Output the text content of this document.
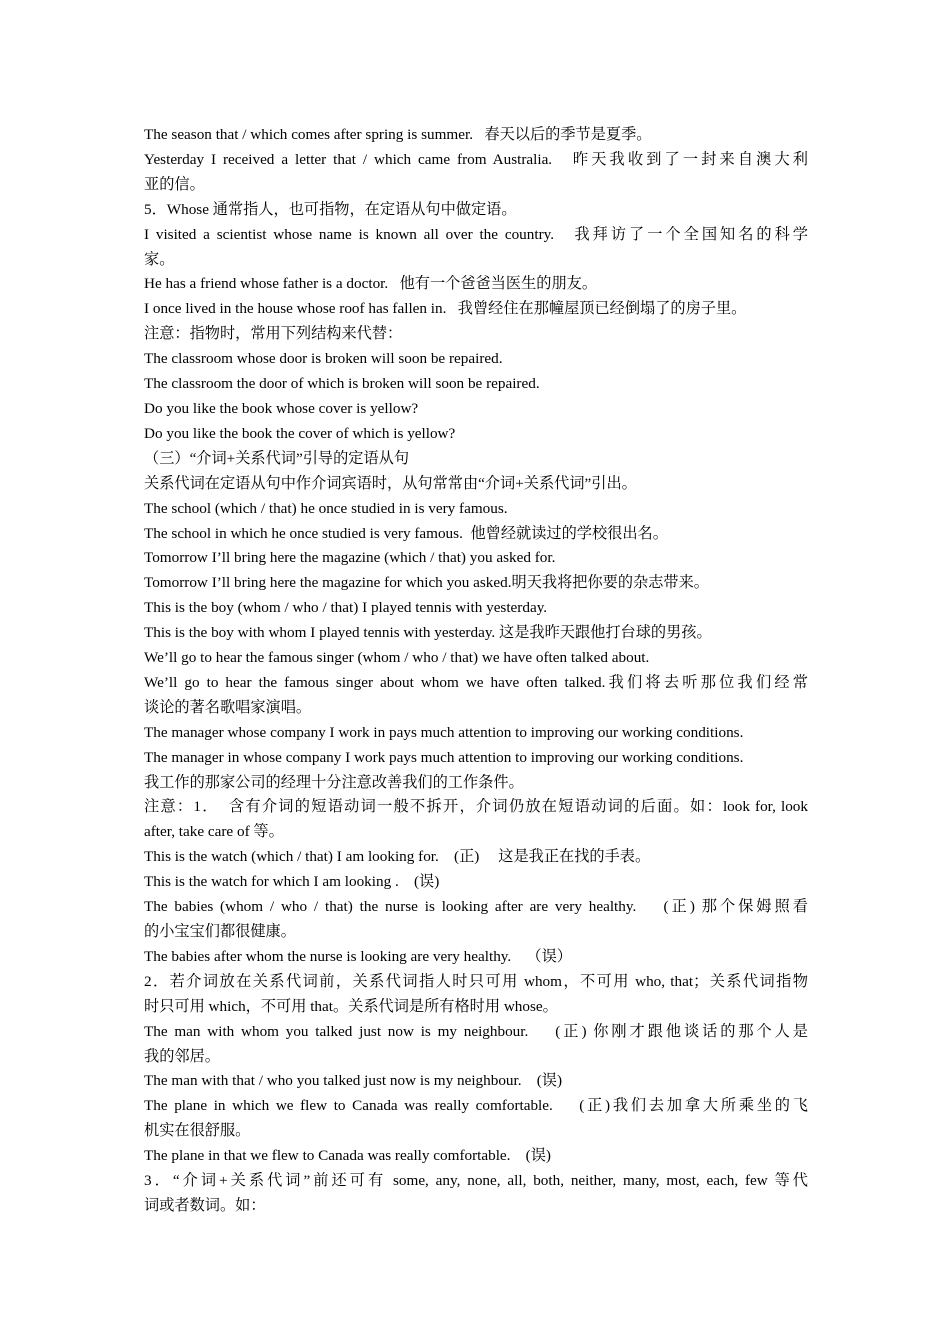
The season that / which comes after spring is summer.   春天以后的季节是夏季。

Yesterday I received a letter that / which came from Australia.   昨天我收到了一封来自澳大利

亚的信。

5．Whose 通常指人，也可指物，在定语从句中做定语。

I visited a scientist whose name is known all over the country.   我拜访了一个全国知名的科学

家。

He has a friend whose father is a doctor.   他有一个爸爸当医生的朋友。

I once lived in the house whose roof has fallen in.   我曾经住在那幢屋顶已经倒塌了的房子里。

注意：指物时，常用下列结构来代替：

The classroom whose door is broken will soon be repaired.

The classroom the door of which is broken will soon be repaired.

Do you like the book whose cover is yellow?

Do you like the book the cover of which is yellow?

（三）“介词+关系代词”引导的定语从句

关系代词在定语从句中作介词宾语时，从句常常由“介词+关系代词”引出。

The school (which / that) he once studied in is very famous.

The school in which he once studied is very famous.  他曾经就读过的学校很出名。

Tomorrow I’ll bring here the magazine (which / that) you asked for.

Tomorrow I’ll bring here the magazine for which you asked.明天我将把你要的杂志带来。

This is the boy (whom / who / that) I played tennis with yesterday.

This is the boy with whom I played tennis with yesterday. 这是我昨天跟他打台球的男孩。

We’ll go to hear the famous singer (whom / who / that) we have often talked about.

We’ll go to hear the famous singer about whom we have often talked.我们将去听那位我们经常

谈论的著名歌唱家演唱。

The manager whose company I work in pays much attention to improving our working conditions.

The manager in whose company I work pays much attention to improving our working conditions.

我工作的那家公司的经理十分注意改善我们的工作条件。

注意：1．  含有介词的短语动词一般不拆开，介词仍放在短语动词的后面。如：look for, look

after, take care of 等。

This is the watch (which / that) I am looking for.    (正)     这是我正在找的手表。

This is the watch for which I am looking .    (误)

The babies (whom / who / that) the nurse is looking after are very healthy.    (正) 那个保姆照看

的小宝宝们都很健康。

The babies after whom the nurse is looking are very healthy.    （误）

2．若介词放在关系代词前，关系代词指人时只可用 whom，不可用 who, that；关系代词指物

时只可用 which，不可用 that。关系代词是所有格时用 whose。

The man with whom you talked just now is my neighbour.    (正) 你刚才跟他谈话的那个人是

我的邻居。

The man with that / who you talked just now is my neighbour.    (误)

The plane in which we flew to Canada was really comfortable.    (正)我们去加拿大所乘坐的飞

机实在很舒服。

The plane in that we flew to Canada was really comfortable.    (误)

3．“介词+关系代词”前还可有 some, any, none, all, both, neither, many, most, each, few 等代

词或者数词。如：
